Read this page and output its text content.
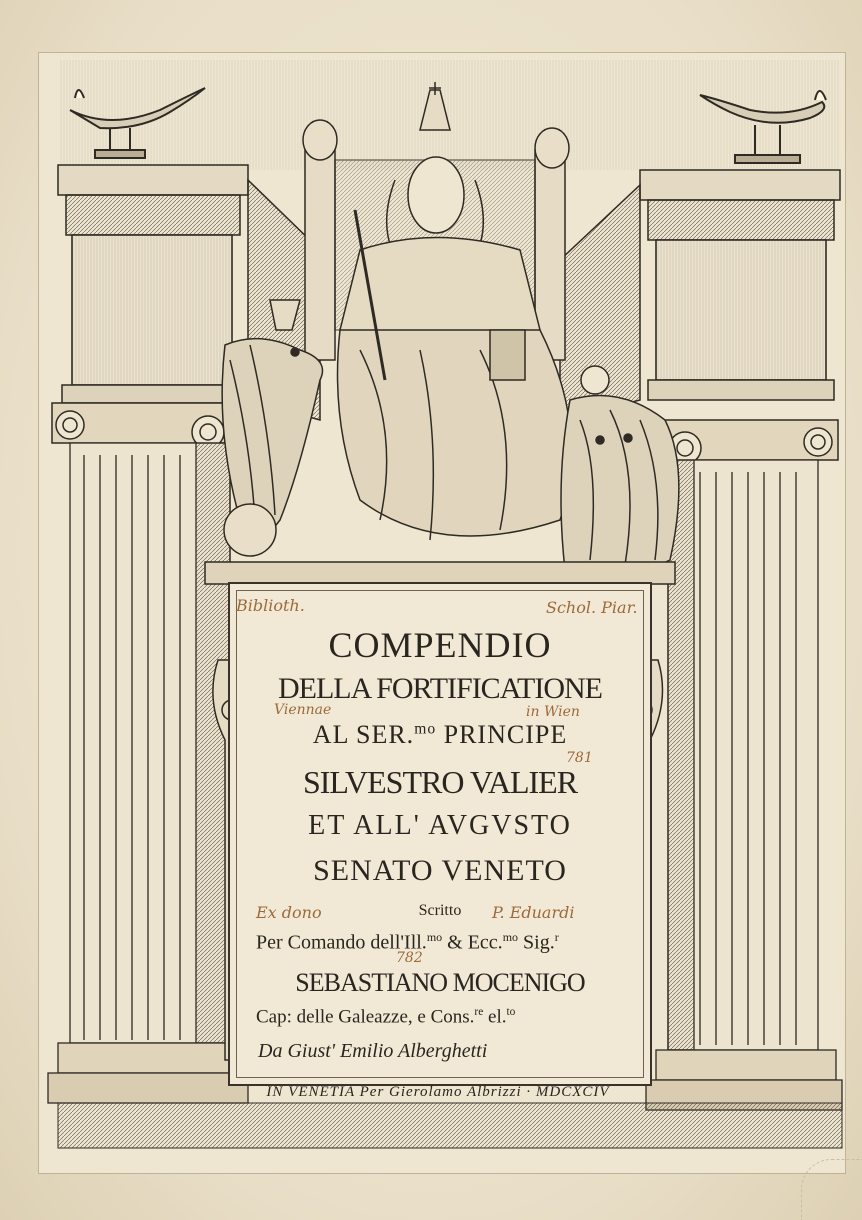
COMPENDIO
DELLA FORTIFICATIONE
AL SER.$^{mo}$ PRINCIPE
SILVESTRO VALIER
ET ALL' AVGVSTO
SENATO VENETO
Scritto
Per Comando dell'Ill.$^{mo}$ & Ecc.$^{mo}$ Sig.$^r$
SEBASTIANO MOCENIGO
Cap: delle Galeazze, e Cons.$^{re}$ el.$^{to}$
Da Giust' Emilio Alberghetti
Biblioth.	Schol. Piar.
Viennae	in Wien
781
Ex dono	P. Eduardi
782
IN VENETIA Per Gierolamo Albrizzi · MDCXCIV
